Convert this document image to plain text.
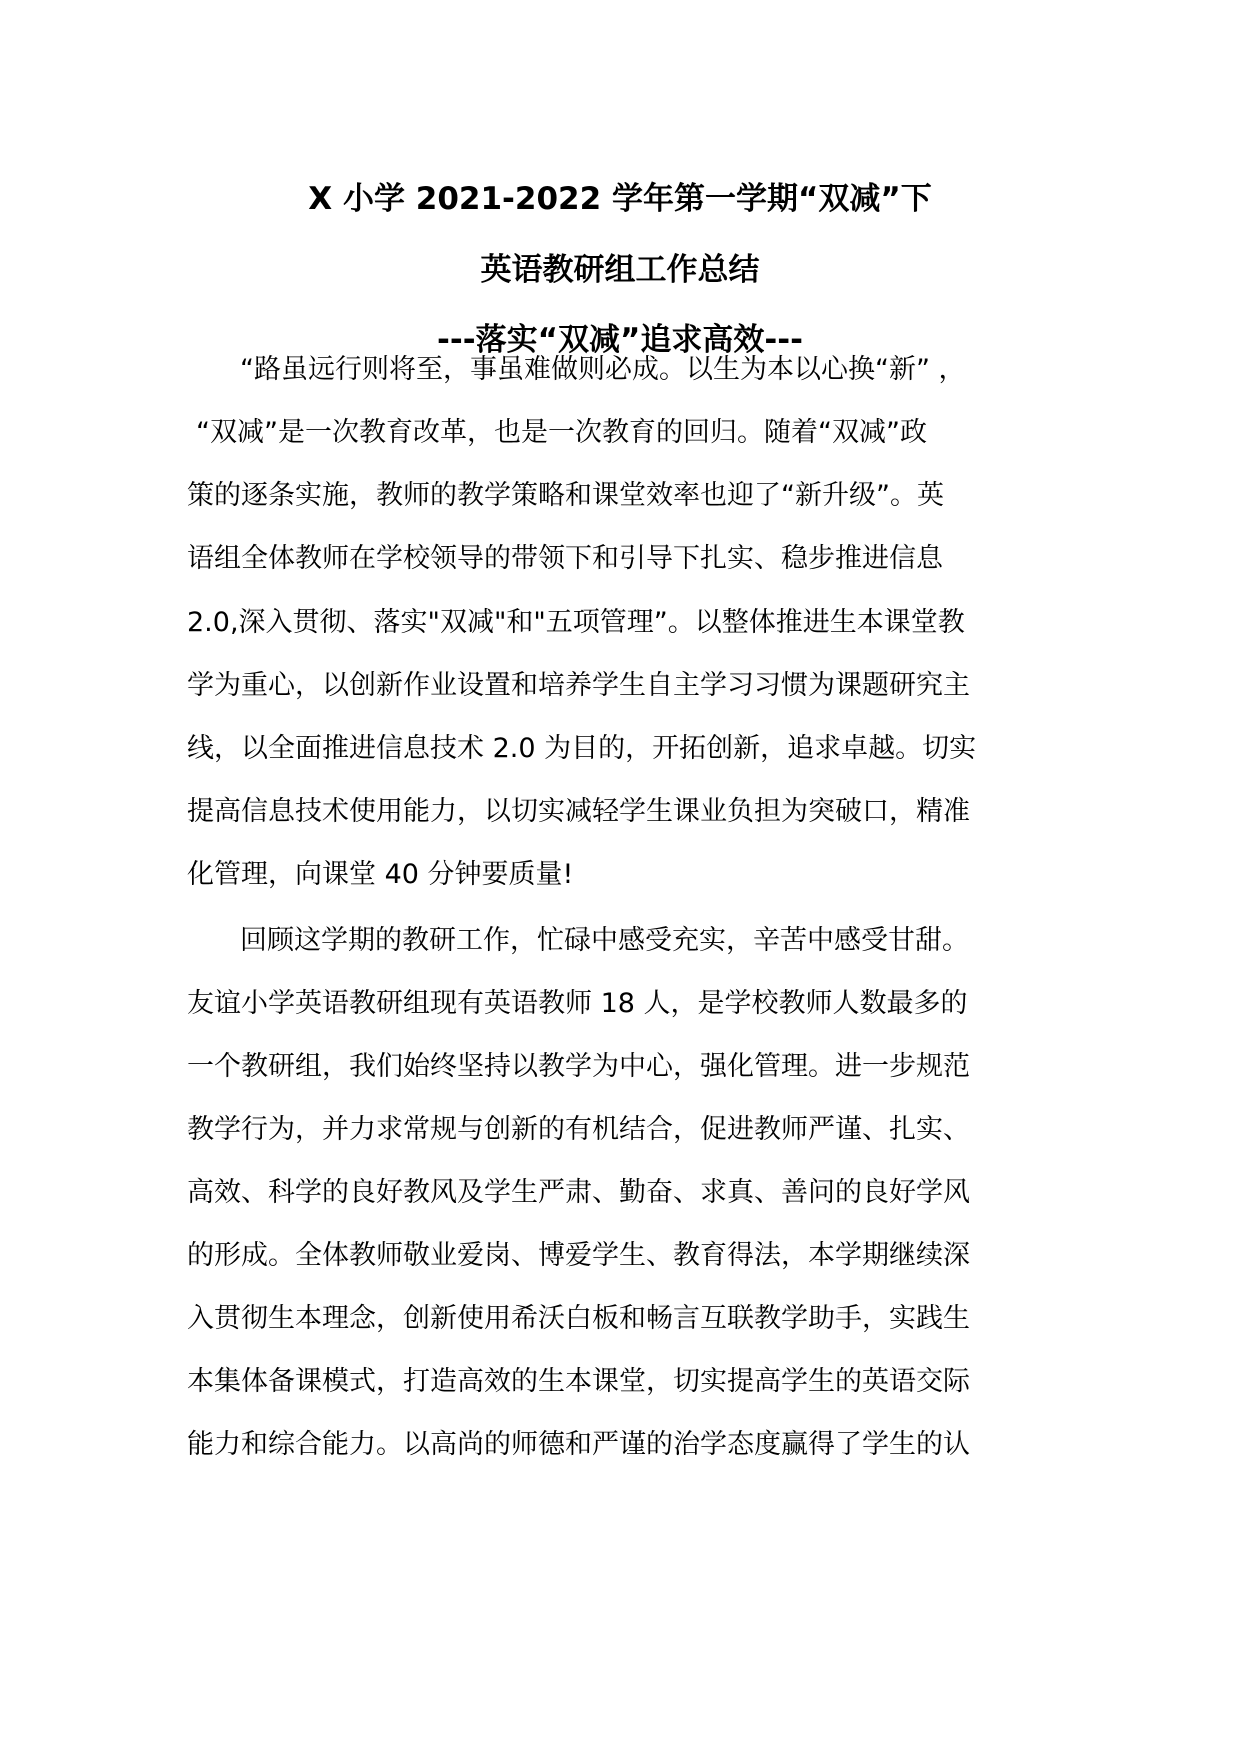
X 小学 2021-2022 学年第一学期“双减”下
英语教研组工作总结
---落实“双减”追求高效---
“路虽远行则将至，事虽难做则必成。以生为本以心换“新” ，
“双减”是一次教育改革，也是一次教育的回归。随着“双减”政
策的逐条实施，教师的教学策略和课堂效率也迎了“新升级”。英
语组全体教师在学校领导的带领下和引导下扎实、稳步推进信息
2.0,深入贯彻、落实"双减"和"五项管理”。以整体推进生本课堂教
学为重心，以创新作业设置和培养学生自主学习习惯为课题研究主
线，以全面推进信息技术 2.0 为目的，开拓创新，追求卓越。切实
提高信息技术使用能力，以切实减轻学生课业负担为突破口，精准
化管理，向课堂 40 分钟要质量!
回顾这学期的教研工作，忙碌中感受充实，辛苦中感受甘甜。
友谊小学英语教研组现有英语教师 18 人，是学校教师人数最多的
一个教研组，我们始终坚持以教学为中心，强化管理。进一步规范
教学行为，并力求常规与创新的有机结合，促进教师严谨、扎实、
高效、科学的良好教风及学生严肃、勤奋、求真、善问的良好学风
的形成。全体教师敬业爱岗、博爱学生、教育得法，本学期继续深
入贯彻生本理念，创新使用希沃白板和畅言互联教学助手，实践生
本集体备课模式，打造高效的生本课堂，切实提高学生的英语交际
能力和综合能力。以高尚的师德和严谨的治学态度赢得了学生的认
